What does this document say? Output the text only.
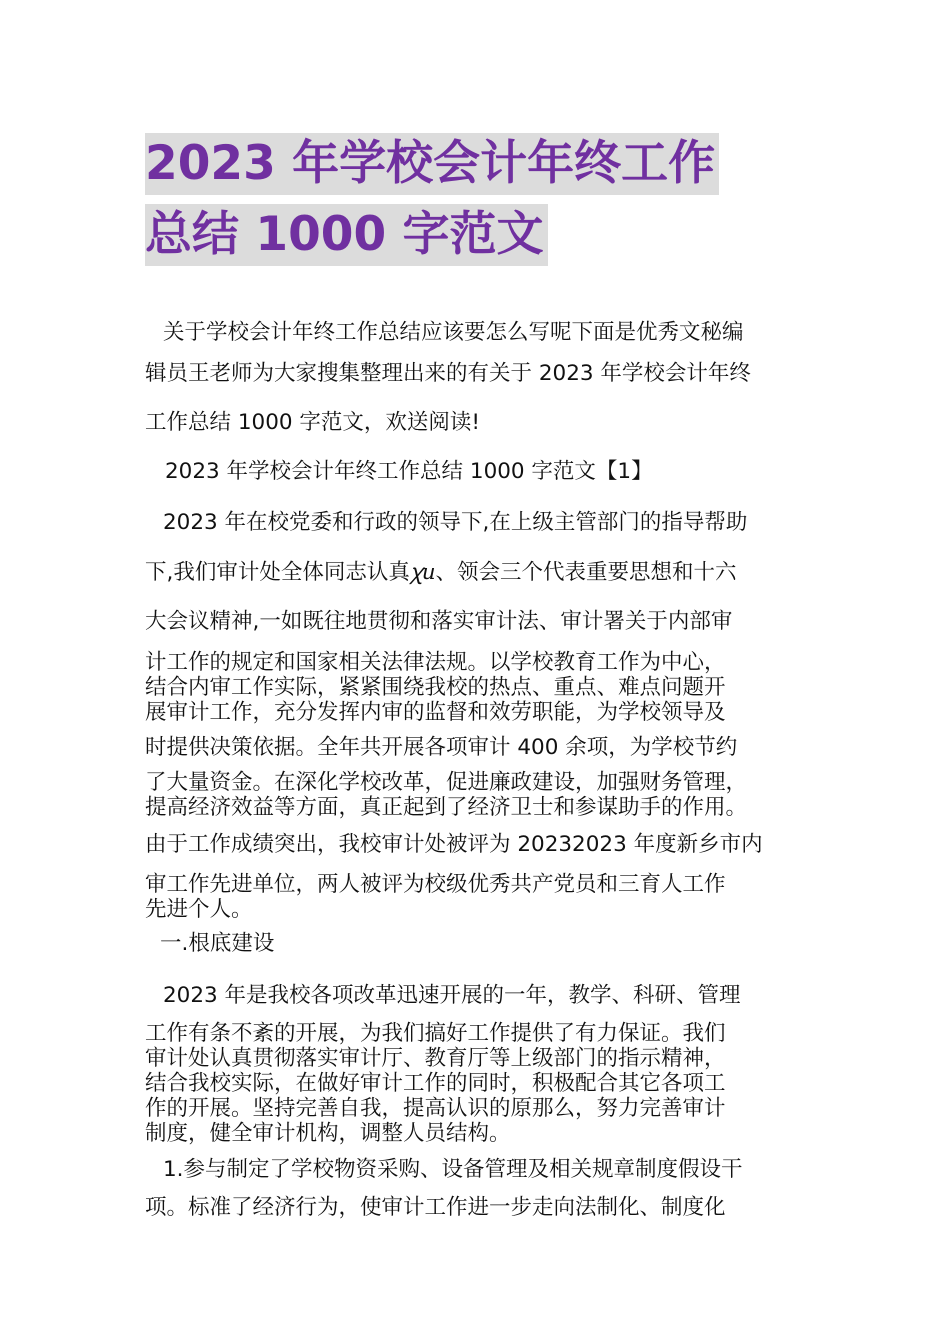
2023 年学校会计年终工作
总结 1000 字范文
关于学校会计年终工作总结应该要怎么写呢下面是优秀文秘编
辑员王老师为大家搜集整理出来的有关于 2023 年学校会计年终
工作总结 1000 字范文，欢送阅读!
2023 年学校会计年终工作总结 1000 字范文【1】
2023 年在校党委和行政的领导下,在上级主管部门的指导帮助
下,我们审计处全体同志认真ꭓи、领会三个代表重要思想和十六
大会议精神,一如既往地贯彻和落实审计法、审计署关于内部审
计工作的规定和国家相关法律法规。以学校教育工作为中心，
结合内审工作实际，紧紧围绕我校的热点、重点、难点问题开
展审计工作，充分发挥内审的监督和效劳职能，为学校领导及
时提供决策依据。全年共开展各项审计 400 余项，为学校节约
了大量资金。在深化学校改革，促进廉政建设，加强财务管理，
提高经济效益等方面，真正起到了经济卫士和参谋助手的作用。
由于工作成绩突出，我校审计处被评为 20232023 年度新乡市内
审工作先进单位，两人被评为校级优秀共产党员和三育人工作
先进个人。
一.根底建设
2023 年是我校各项改革迅速开展的一年，教学、科研、管理
工作有条不紊的开展，为我们搞好工作提供了有力保证。我们
审计处认真贯彻落实审计厅、教育厅等上级部门的指示精神，
结合我校实际，在做好审计工作的同时，积极配合其它各项工
作的开展。坚持完善自我，提高认识的原那么，努力完善审计
制度，健全审计机构，调整人员结构。
1.参与制定了学校物资采购、设备管理及相关规章制度假设干
项。标准了经济行为，使审计工作进一步走向法制化、制度化
